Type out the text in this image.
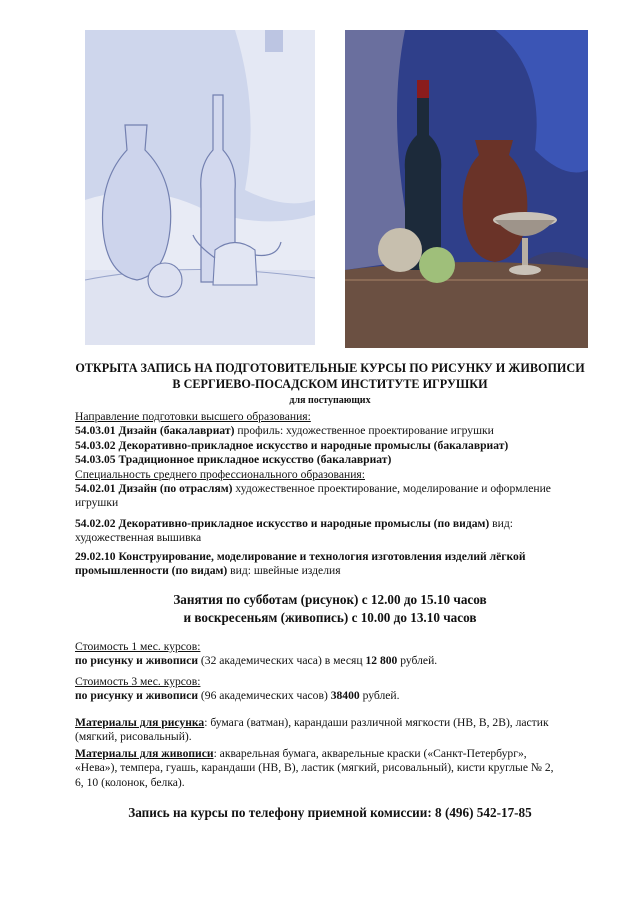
ОТКРЫТА ЗАПИСЬ НА ПОДГОТОВИТЕЛЬНЫЕ КУРСЫ ПО РИСУНКУ И ЖИВОПИСИ
В СЕРГИЕВО-ПОСАДСКОМ ИНСТИТУТЕ ИГРУШКИ
для поступающих
Направление подготовки высшего образования:
54.03.01 Дизайн (бакалавриат) профиль: художественное проектирование игрушки
54.03.02 Декоративно-прикладное искусство и народные промыслы (бакалавриат)
54.03.05 Традиционное прикладное искусство (бакалавриат)
Специальность среднего профессионального образования:
54.02.01 Дизайн (по отраслям) художественное проектирование, моделирование и оформление
игрушки
54.02.02 Декоративно-прикладное искусство и народные промыслы (по видам) вид:
художественная вышивка
29.02.10 Конструирование, моделирование и технология изготовления изделий лёгкой
промышленности (по видам) вид: швейные изделия
Занятия по субботам (рисунок) с 12.00 до 15.10 часов
и воскресеньям (живопись) с 10.00 до 13.10 часов
Стоимость 1 мес. курсов:
по рисунку и живописи (32 академических часа) в месяц 12 800 рублей.
Стоимость 3 мес. курсов:
по рисунку и живописи (96 академических часов) 38400 рублей.
Материалы для рисунка: бумага (ватман), карандаши различной мягкости (HB, B, 2B), ластик
(мягкий, рисовальный).
Материалы для живописи: акварельная бумага, акварельные краски («Санкт-Петербург»,
«Нева»), темпера, гуашь, карандаши (HB, B), ластик (мягкий, рисовальный), кисти круглые № 2,
6, 10 (колонок, белка).
Запись на курсы по телефону приемной комиссии: 8 (496) 542-17-85
